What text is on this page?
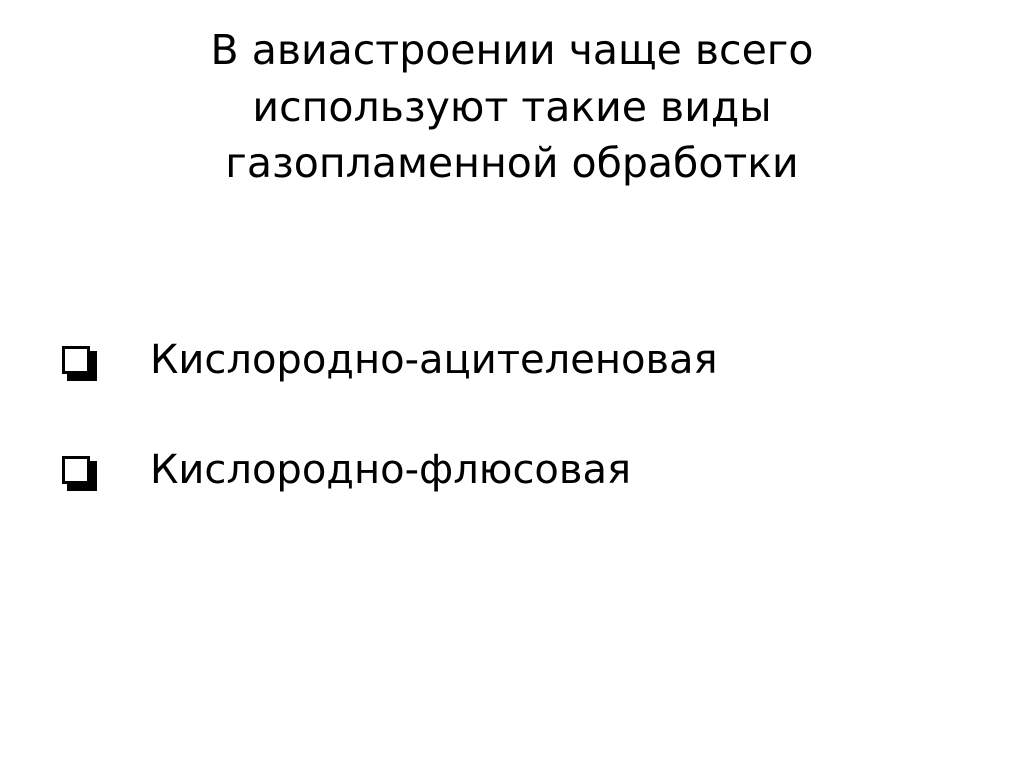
В авиастроении чаще всего используют такие виды газопламенной обработки
Кислородно-ацителеновая
Кислородно-флюсовая
